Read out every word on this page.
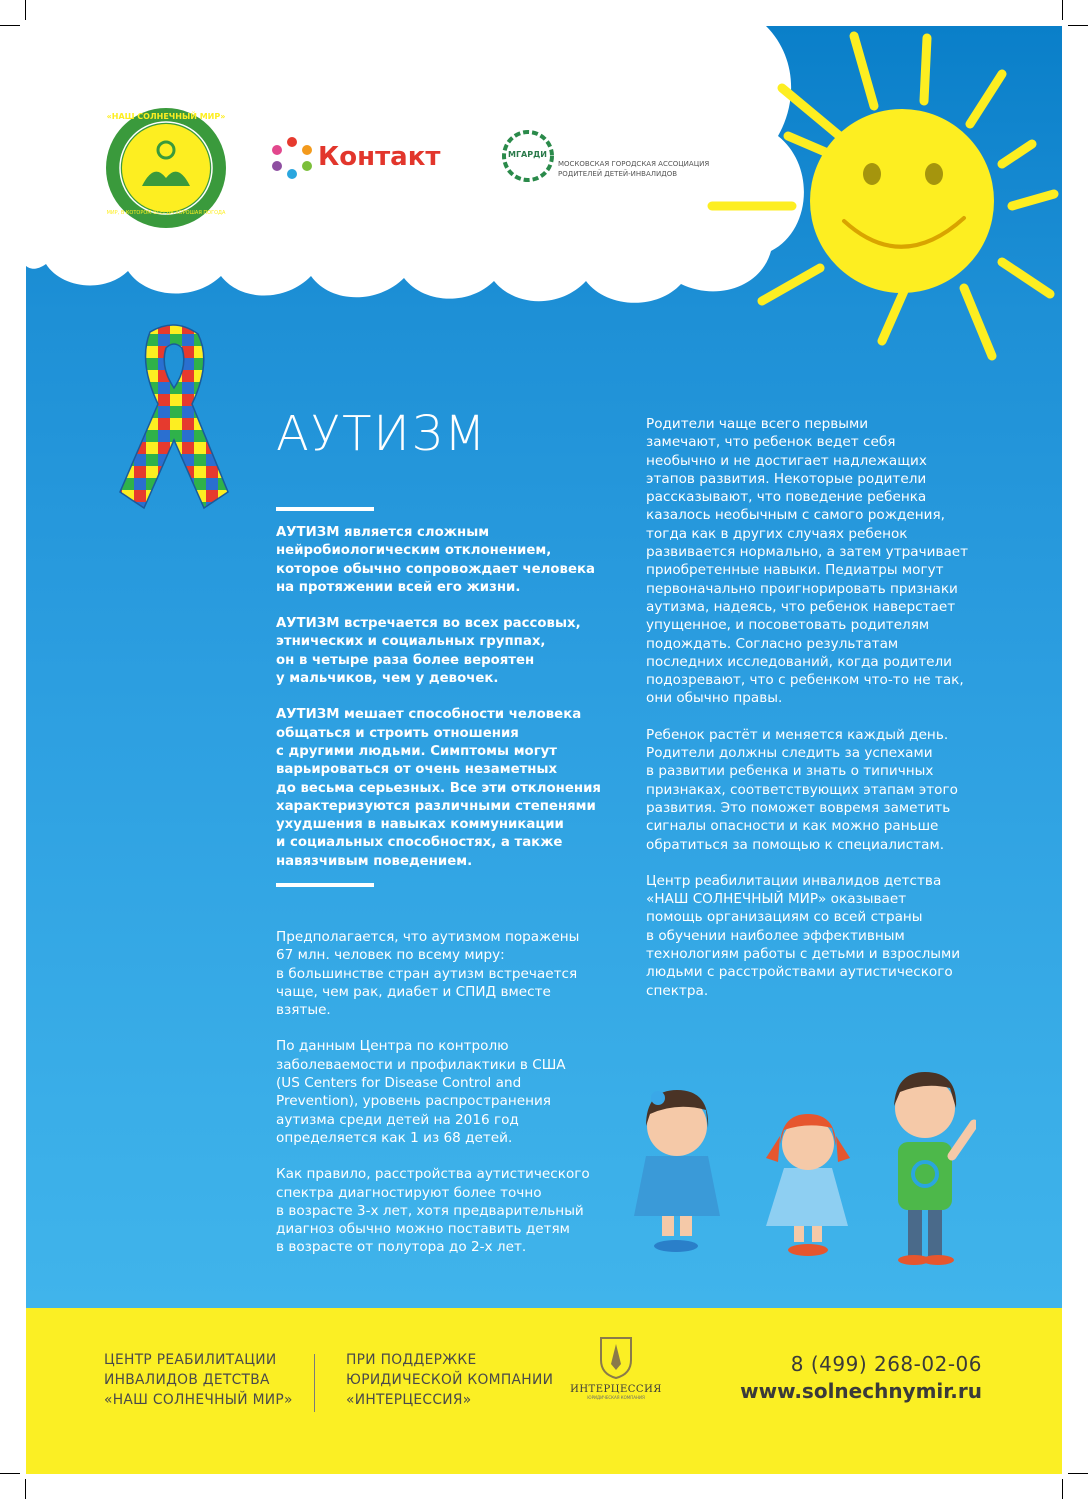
«НАШ СОЛНЕЧНЫЙ МИР»
МИР, В КОТОРОМ ВСЕГДА ХОРОШАЯ ПОГОДА
Контакт	МГАРДИ
МОСКОВСКАЯ ГОРОДСКАЯ АССОЦИАЦИЯ
РОДИТЕЛЕЙ ДЕТЕЙ-ИНВАЛИДОВ
АУТИЗМ

АУТИЗМ является сложным
нейробиологическим отклонением,
которое обычно сопровождает человека
на протяжении всей его жизни.

АУТИЗМ встречается во всех рассовых,
этнических и социальных группах,
он в четыре раза более вероятен
у мальчиков, чем у девочек.

АУТИЗМ мешает способности человека
общаться и строить отношения
с другими людьми. Симптомы могут
варьироваться от очень незаметных
до весьма серьезных. Все эти отклонения
характеризуются различными степенями
ухудшения в навыках коммуникации
и социальных способностях, а также
навязчивым поведением.

Предполагается, что аутизмом поражены
67 млн. человек по всему миру:
в большинстве стран аутизм встречается
чаще, чем рак, диабет и СПИД вместе
взятые.

По данным Центра по контролю
заболеваемости и профилактики в США
(US Centers for Disease Control and
Prevention), уровень распространения
аутизма среди детей на 2016 год
определяется как 1 из 68 детей.

Как правило, расстройства аутистического
спектра диагностируют более точно
в возрасте 3-х лет, хотя предварительный
диагноз обычно можно поставить детям
в возрасте от полутора до 2-х лет.

Родители чаще всего первыми
замечают, что ребенок ведет себя
необычно и не достигает надлежащих
этапов развития. Некоторые родители
рассказывают, что поведение ребенка
казалось необычным с самого рождения,
тогда как в других случаях ребенок
развивается нормально, а затем утрачивает
приобретенные навыки. Педиатры могут
первоначально проигнорировать признаки
аутизма, надеясь, что ребенок наверстает
упущенное, и посоветовать родителям
подождать. Согласно результатам
последних исследований, когда родители
подозревают, что с ребенком что-то не так,
они обычно правы.

Ребенок растёт и меняется каждый день.
Родители должны следить за успехами
в развитии ребенка и знать о типичных
признаках, соответствующих этапам этого
развития. Это поможет вовремя заметить
сигналы опасности и как можно раньше
обратиться за помощью к специалистам.

Центр реабилитации инвалидов детства
«НАШ СОЛНЕЧНЫЙ МИР» оказывает
помощь организациям со всей страны
в обучении наиболее эффективным
технологиям работы с детьми и взрослыми
людьми с расстройствами аутистического
спектра.

ЦЕНТР РЕАБИЛИТАЦИИ
ИНВАЛИДОВ ДЕТСТВА
«НАШ СОЛНЕЧНЫЙ МИР»
ПРИ ПОДДЕРЖКЕ
ЮРИДИЧЕСКОЙ КОМПАНИИ
«ИНТЕРЦЕССИЯ»
ИНТЕРЦЕССИЯ
ЮРИДИЧЕСКАЯ КОМПАНИЯ
8 (499) 268-02-06
www.solnechnymir.ru
